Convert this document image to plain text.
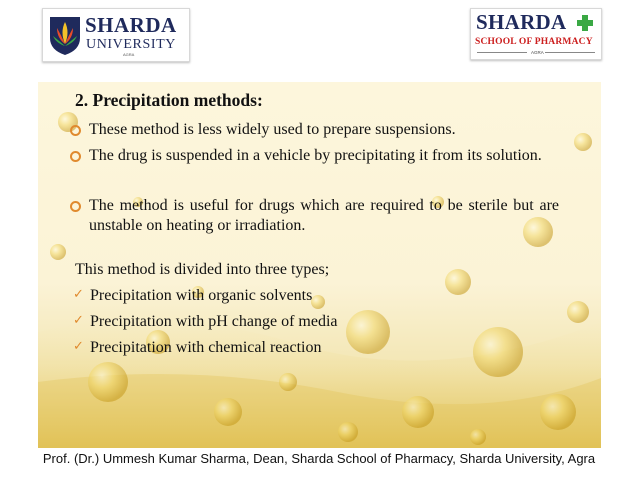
SHARDA
UNIVERSITY
AGRA
SHARDA
SCHOOL OF PHARMACY
AGRA
2. Precipitation methods:
These method is less widely used to prepare suspensions.
The drug is suspended in a vehicle by precipitating it from its solution.
The method is useful for drugs which are required to be sterile but are unstable on heating or irradiation.
This method is divided into three types;
✓ Precipitation with organic solvents
✓ Precipitation with pH change of media
✓ Precipitation with chemical reaction
Prof. (Dr.) Ummesh Kumar Sharma, Dean, Sharda School of Pharmacy, Sharda University, Agra
